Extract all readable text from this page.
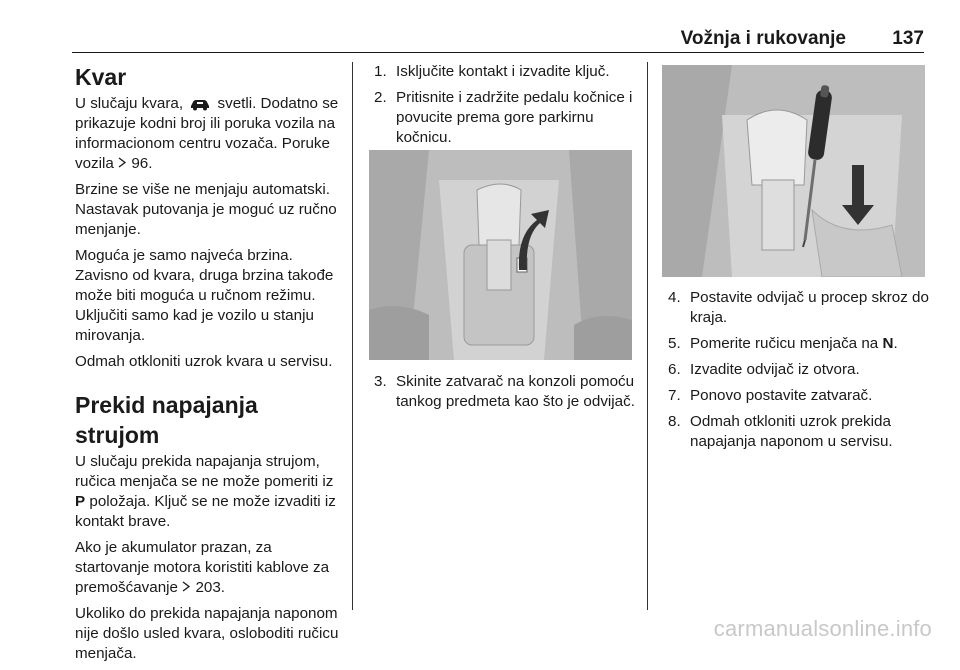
Vožnja i rukovanje 137
Kvar

U slučaju kvara, svetli. Dodatno se prikazuje kodni broj ili poruka vozila na informacionom centru vozača. Poruke vozila 96.

Brzine se više ne menjaju automatski. Nastavak putovanja je moguć uz ručno menjanje.

Moguća je samo najveća brzina. Zavisno od kvara, druga brzina takođe može biti moguća u ručnom režimu. Uključiti samo kad je vozilo u stanju mirovanja.

Odmah otkloniti uzrok kvara u servisu.

Prekid napajanja strujom

U slučaju prekida napajanja strujom, ručica menjača se ne može pomeriti iz P položaja. Ključ se ne može izvaditi iz kontakt brave.

Ako je akumulator prazan, za startovanje motora koristiti kablove za premošćavanje 203.

Ukoliko do prekida napajanja naponom nije došlo usled kvara, osloboditi ručicu menjača.

1. Isključite kontakt i izvadite ključ.
2. Pritisnite i zadržite pedalu kočnice i povucite prema gore parkirnu kočnicu.
3. Skinite zatvarač na konzoli pomoću tankog predmeta kao što je odvijač.
4. Postavite odvijač u procep skroz do kraja.
5. Pomerite ručicu menjača na N.
6. Izvadite odvijač iz otvora.
7. Ponovo postavite zatvarač.
8. Odmah otkloniti uzrok prekida napajanja naponom u servisu.
carmanualsonline.info
